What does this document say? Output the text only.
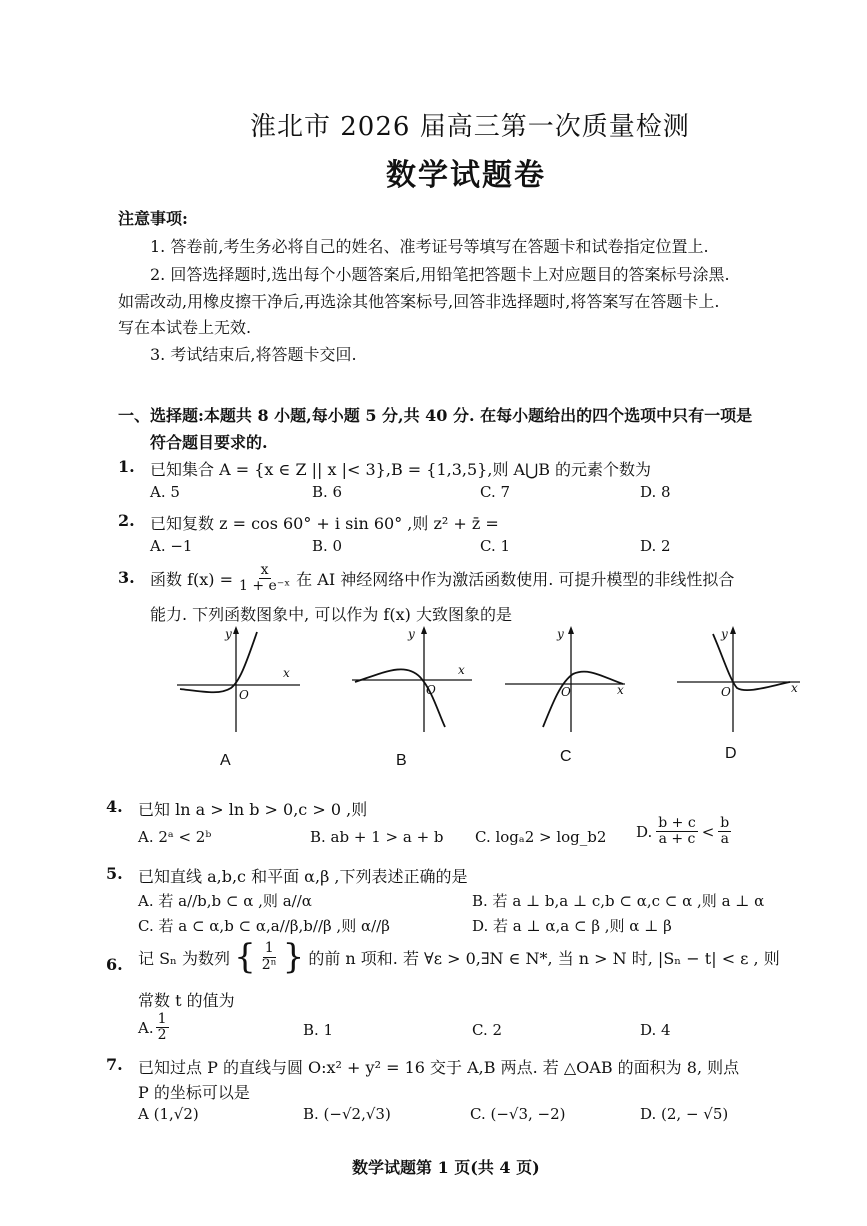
淮北市 2026 届高三第一次质量检测
数学试题卷
注意事项:
1. 答卷前,考生务必将自己的姓名、准考证号等填写在答题卡和试卷指定位置上.
2. 回答选择题时,选出每个小题答案后,用铅笔把答题卡上对应题目的答案标号涂黑.
如需改动,用橡皮擦干净后,再选涂其他答案标号,回答非选择题时,将答案写在答题卡上.
写在本试卷上无效.
3. 考试结束后,将答题卡交回.
一、选择题:本题共 8 小题,每小题 5 分,共 40 分. 在每小题给出的四个选项中只有一项是
符合题目要求的.
1. 已知集合 A = {x ∈ Z || x |< 3},B = {1,3,5},则 A⋃B 的元素个数为
A. 5	B. 6	C. 7	D. 8
2. 已知复数 z = cos 60° + i sin 60° ,则 z² + z̄ =
A. −1	B. 0	C. 1	D. 2
3. 函数 $f(x) = \frac{x}{\text{1 + e⁻ˣ}}$ 在 AI 神经网络中作为激活函数使用. 可提升模型的非线性拟合
能力. 下列函数图象中, 可以作为 f(x) 大致图象的是
y
x
O
y
x
O
y
x
O
y
x
O
A	B	C	D
4. 已知 ln a > ln b > 0,c > 0 ,则
A. 2ᵃ < 2ᵇ	B. ab + 1 > a + b C. logₐ2 > log_b2 D. $\frac{b + c}{a + c} < \frac{b}{a}$
5. 已知直线 a,b,c 和平面 α,β ,下列表述正确的是
A. 若 a//b,b ⊂ α ,则 a//α	B. 若 a ⊥ b,a ⊥ c,b ⊂ α,c ⊂ α ,则 a ⊥ α
C. 若 a ⊂ α,b ⊂ α,a//β,b//β ,则 α//β	D. 若 a ⊥ α,a ⊂ β ,则 α ⊥ β
6. 记 Sₙ 为数列 { $\frac{1}{\text{2ⁿ}}$ } 的前 n 项和. 若 ∀ε > 0,∃N ∈ N*, 当 n > N 时, |Sₙ − t| < ε , 则
常数 t 的值为
A. $\frac{1}{2}$	B. 1	C. 2	D. 4
7. 已知过点 P 的直线与圆 O:x² + y² = 16 交于 A,B 两点. 若 △OAB 的面积为 8, 则点
P 的坐标可以是
A (1,√2)	B. (−√2,√3)	C. (−√3, −2)	D. (2, − √5)
数学试题第 1 页(共 4 页)
